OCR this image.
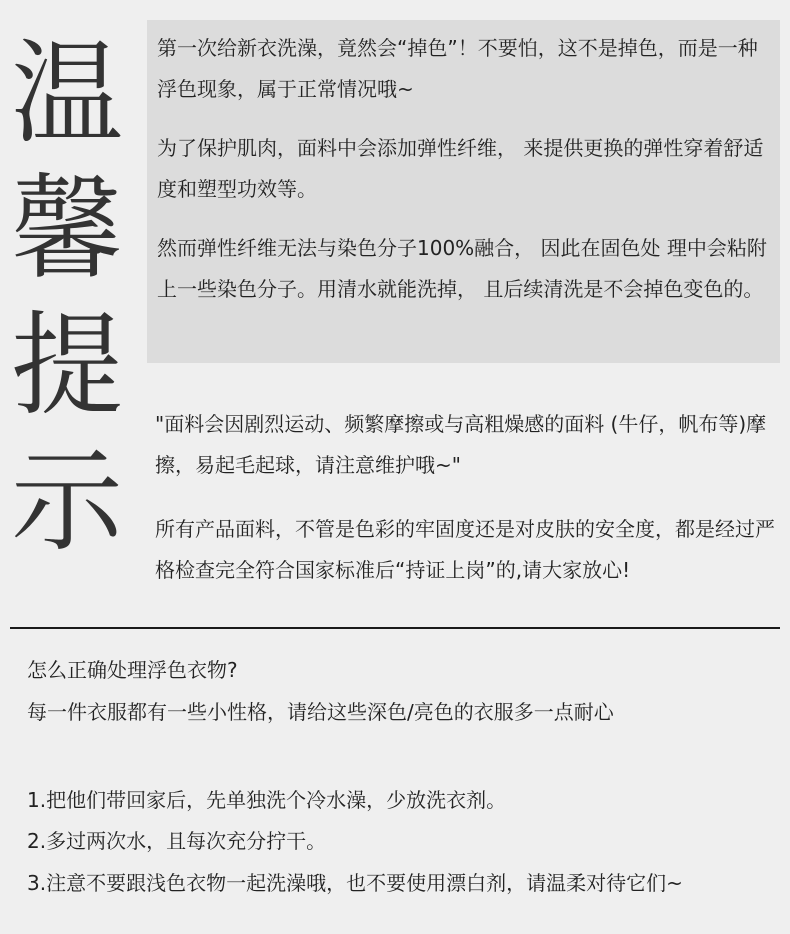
温
馨
提
示

第一次给新衣洗澡，竟然会“掉色”！不要怕，这不是掉色，而是一种浮色现象，属于正常情况哦~

为了保护肌肉，面料中会添加弹性纤维， 来提供更换的弹性穿着舒适度和塑型功效等。

然而弹性纤维无法与染色分子100%融合， 因此在固色处 理中会粘附上一些染色分子。用清水就能洗掉， 且后续清洗是不会掉色变色的。

"面料会因剧烈运动、频繁摩擦或与高粗燥感的面料 (牛仔，帆布等)摩擦，易起毛起球，请注意维护哦~"

所有产品面料，不管是色彩的牢固度还是对皮肤的安全度，都是经过严格检查完全符合国家标准后“持证上岗”的,请大家放心!

怎么正确处理浮色衣物?

每一件衣服都有一些小性格，请给这些深色/亮色的衣服多一点耐心

1.把他们带回家后，先单独洗个冷水澡，少放洗衣剂。

2.多过两次水，且每次充分拧干。

3.注意不要跟浅色衣物一起洗澡哦，也不要使用漂白剂，请温柔对待它们~
